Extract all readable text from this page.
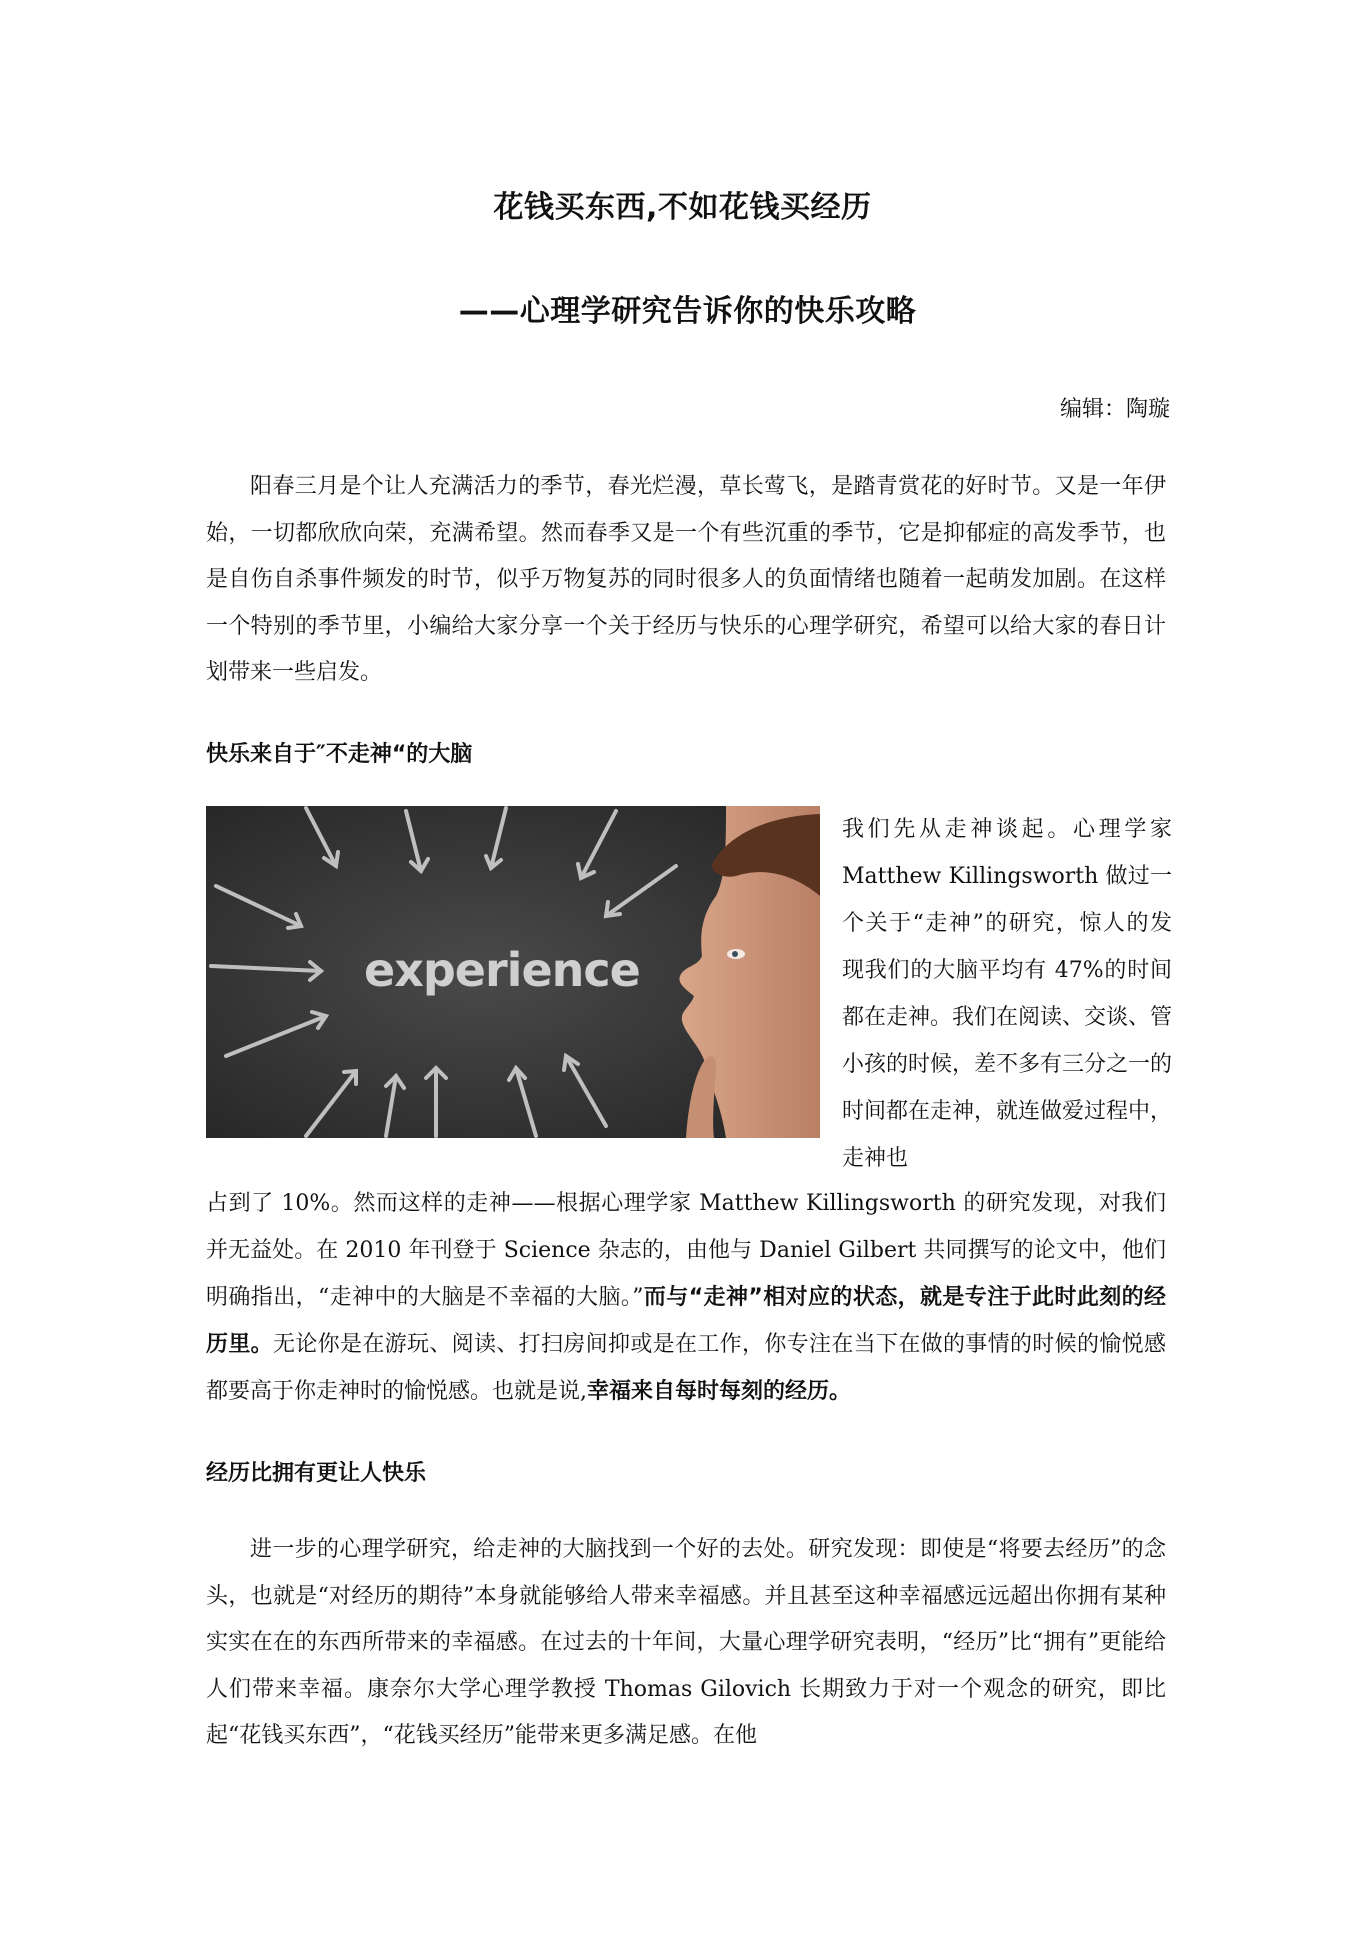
花钱买东西,不如花钱买经历
——心理学研究告诉你的快乐攻略
编辑：陶璇

阳春三月是个让人充满活力的季节，春光烂漫，草长莺飞，是踏青赏花的好时节。又是一年伊始，一切都欣欣向荣，充满希望。然而春季又是一个有些沉重的季节，它是抑郁症的高发季节，也是自伤自杀事件频发的时节，似乎万物复苏的同时很多人的负面情绪也随着一起萌发加剧。在这样一个特别的季节里，小编给大家分享一个关于经历与快乐的心理学研究，希望可以给大家的春日计划带来一些启发。

快乐来自于″不走神“的大脑
experience

我们先从走神谈起。心理学家 Matthew Killingsworth 做过一个关于“走神”的研究，惊人的发现我们的大脑平均有 47%的时间都在走神。我们在阅读、交谈、管小孩的时候，差不多有三分之一的时间都在走神，就连做爱过程中，走神也

占到了 10%。然而这样的走神——根据心理学家 Matthew Killingsworth 的研究发现，对我们并无益处。在 2010 年刊登于 Science 杂志的，由他与 Daniel Gilbert 共同撰写的论文中，他们明确指出，“走神中的大脑是不幸福的大脑。”而与“走神”相对应的状态，就是专注于此时此刻的经历里。无论你是在游玩、阅读、打扫房间抑或是在工作，你专注在当下在做的事情的时候的愉悦感都要高于你走神时的愉悦感。也就是说,幸福来自每时每刻的经历。

经历比拥有更让人快乐

进一步的心理学研究，给走神的大脑找到一个好的去处。研究发现：即使是“将要去经历”的念头，也就是“对经历的期待”本身就能够给人带来幸福感。并且甚至这种幸福感远远超出你拥有某种实实在在的东西所带来的幸福感。在过去的十年间，大量心理学研究表明，“经历”比“拥有”更能给人们带来幸福。康奈尔大学心理学教授 Thomas Gilovich 长期致力于对一个观念的研究，即比起“花钱买东西”，“花钱买经历”能带来更多满足感。在他
